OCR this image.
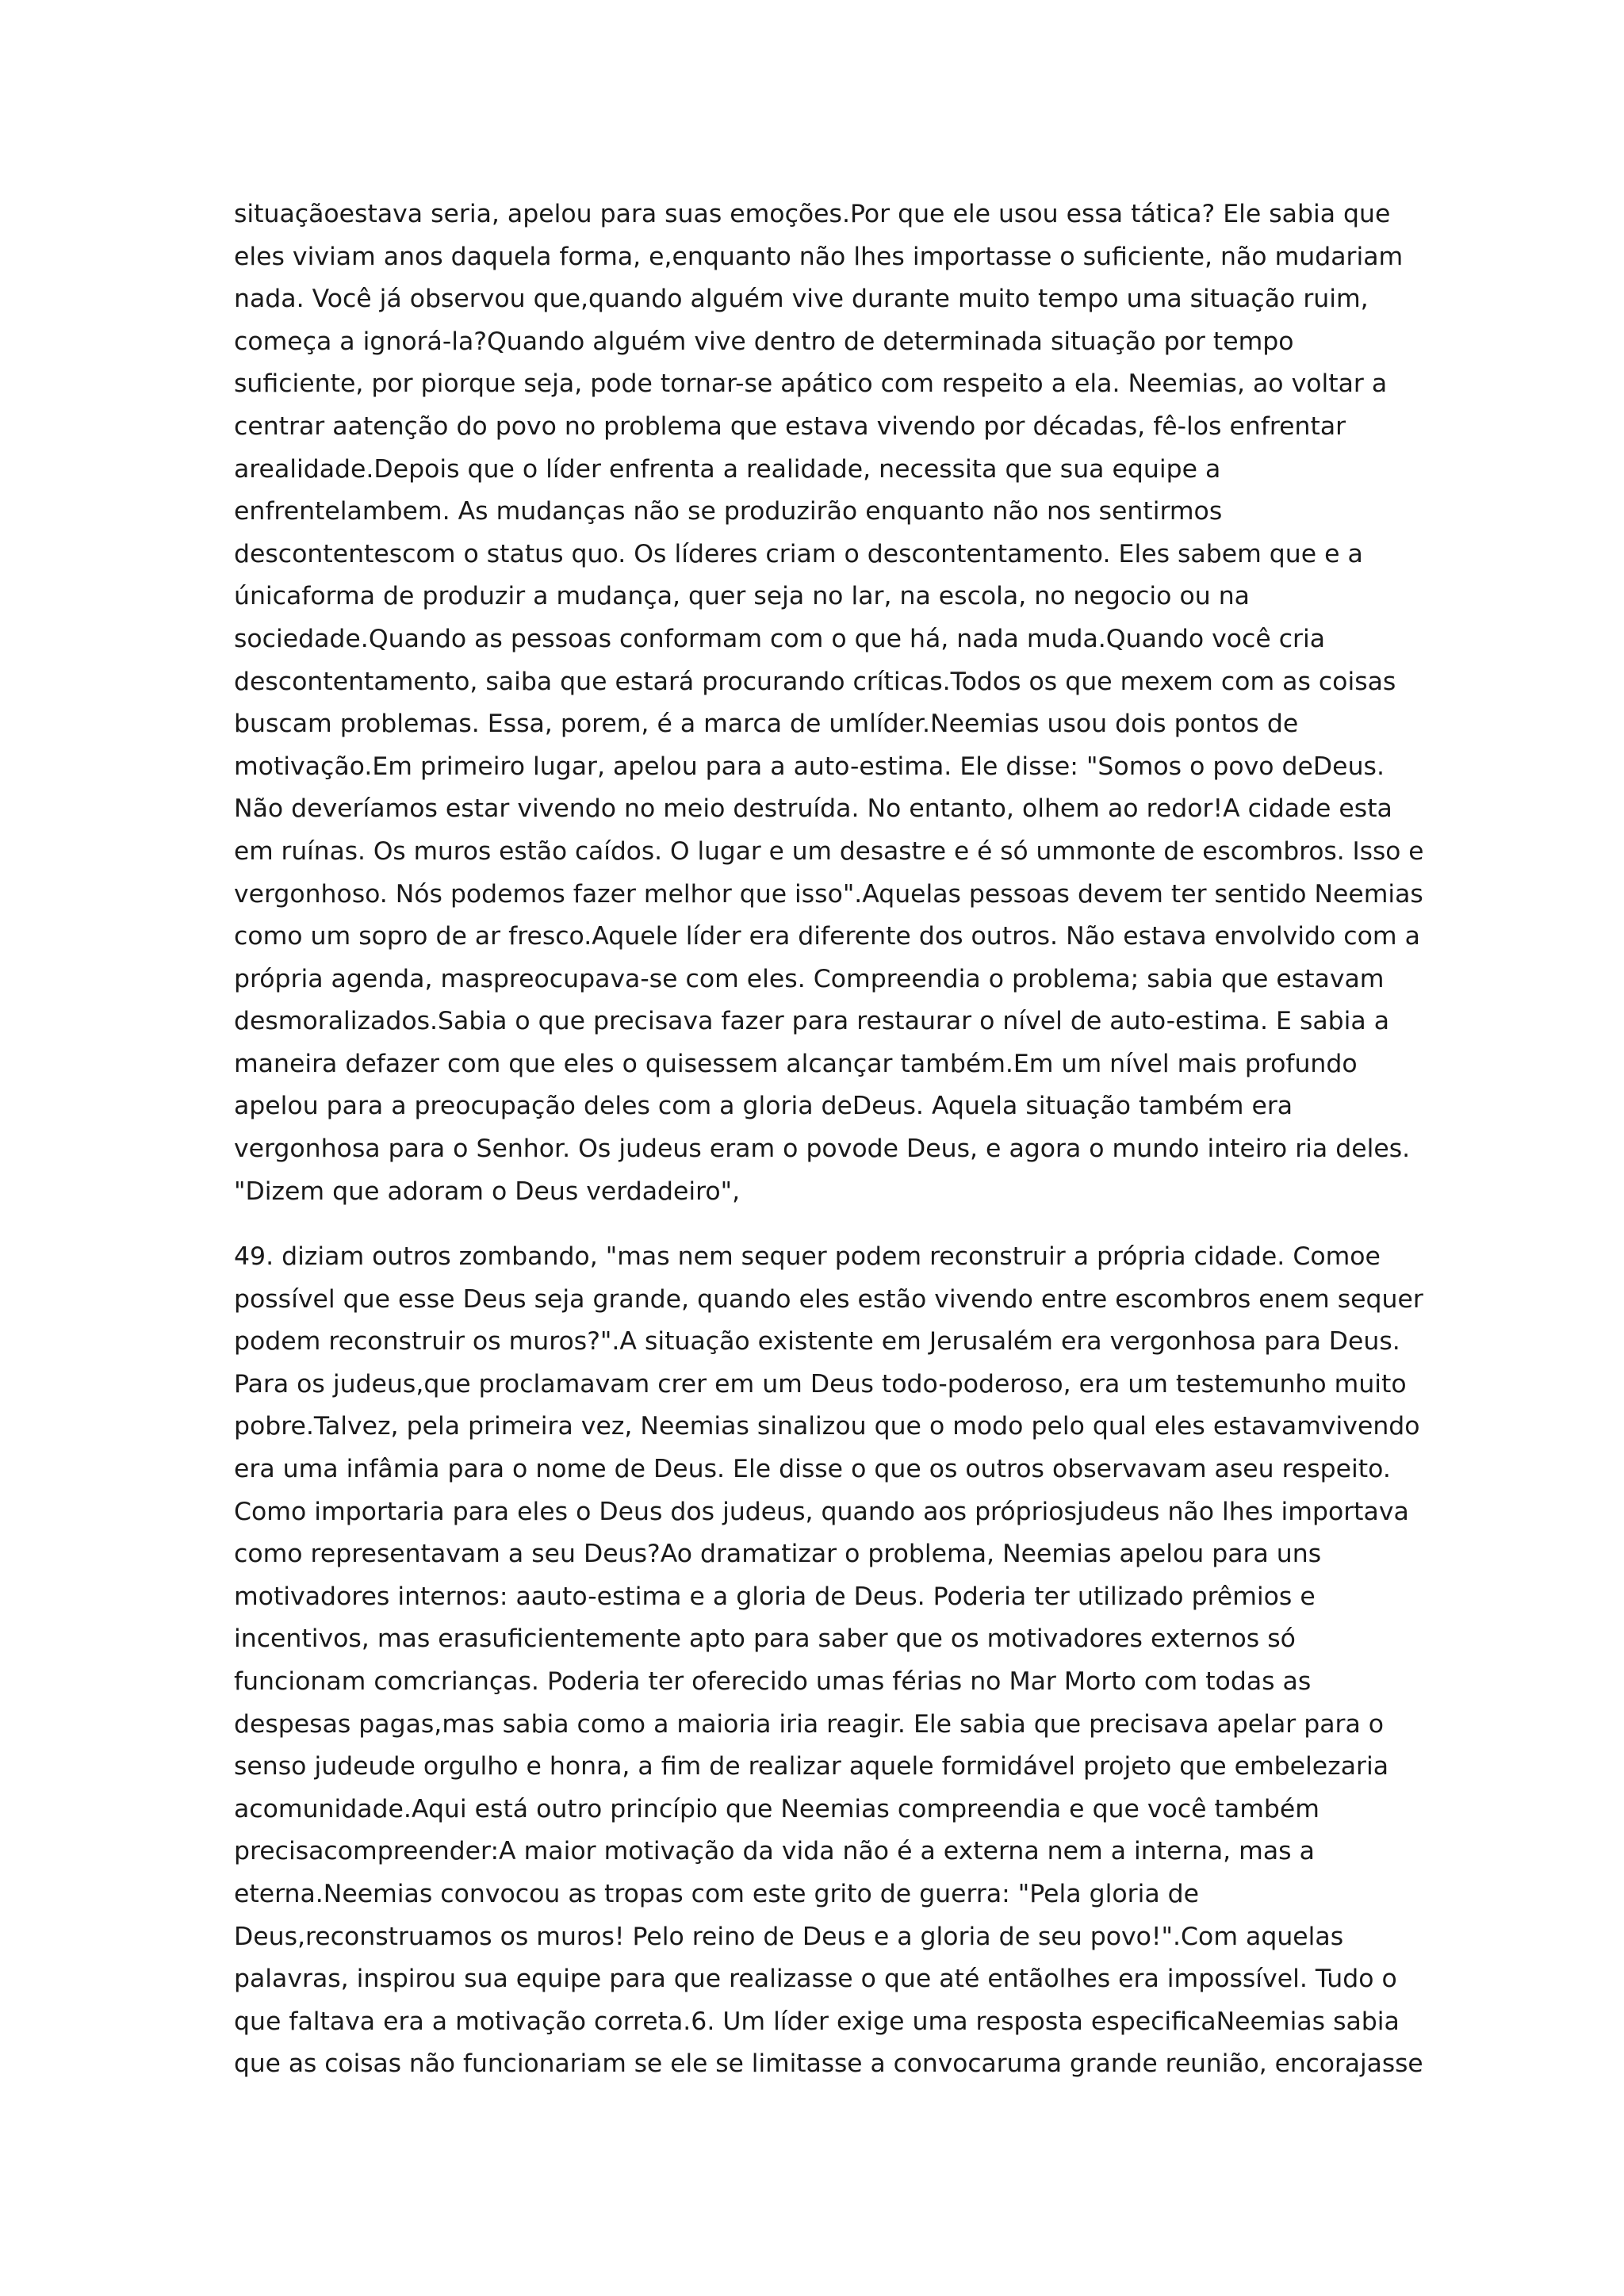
situaçãoestava seria, apelou para suas emoções.Por que ele usou essa tática? Ele sabia que
eles viviam anos daquela forma, e,enquanto não lhes importasse o suficiente, não mudariam
nada. Você já observou que,quando alguém vive durante muito tempo uma situação ruim,
começa a ignorá-la?Quando alguém vive dentro de determinada situação por tempo
suficiente, por piorque seja, pode tornar-se apático com respeito a ela. Neemias, ao voltar a
centrar aatenção do povo no problema que estava vivendo por décadas, fê-los enfrentar
arealidade.Depois que o líder enfrenta a realidade, necessita que sua equipe a
enfrentelambem. As mudanças não se produzirão enquanto não nos sentirmos
descontentescom o status quo. Os líderes criam o descontentamento. Eles sabem que e a
únicaforma de produzir a mudança, quer seja no lar, na escola, no negocio ou na
sociedade.Quando as pessoas conformam com o que há, nada muda.Quando você cria
descontentamento, saiba que estará procurando críticas.Todos os que mexem com as coisas
buscam problemas. Essa, porem, é a marca de umlíder.Neemias usou dois pontos de
motivação.Em primeiro lugar, apelou para a auto-estima. Ele disse: "Somos o povo deDeus.
Não deveríamos estar vivendo no meio destruída. No entanto, olhem ao redor!A cidade esta
em ruínas. Os muros estão caídos. O lugar e um desastre e é só ummonte de escombros. Isso e
vergonhoso. Nós podemos fazer melhor que isso".Aquelas pessoas devem ter sentido Neemias
como um sopro de ar fresco.Aquele líder era diferente dos outros. Não estava envolvido com a
própria agenda, maspreocupava-se com eles. Compreendia o problema; sabia que estavam
desmoralizados.Sabia o que precisava fazer para restaurar o nível de auto-estima. E sabia a
maneira defazer com que eles o quisessem alcançar também.Em um nível mais profundo
apelou para a preocupação deles com a gloria deDeus. Aquela situação também era
vergonhosa para o Senhor. Os judeus eram o povode Deus, e agora o mundo inteiro ria deles.
"Dizem que adoram o Deus verdadeiro",
49. diziam outros zombando, "mas nem sequer podem reconstruir a própria cidade. Comoe
possível que esse Deus seja grande, quando eles estão vivendo entre escombros enem sequer
podem reconstruir os muros?".A situação existente em Jerusalém era vergonhosa para Deus.
Para os judeus,que proclamavam crer em um Deus todo-poderoso, era um testemunho muito
pobre.Talvez, pela primeira vez, Neemias sinalizou que o modo pelo qual eles estavamvivendo
era uma infâmia para o nome de Deus. Ele disse o que os outros observavam aseu respeito.
Como importaria para eles o Deus dos judeus, quando aos própriosjudeus não lhes importava
como representavam a seu Deus?Ao dramatizar o problema, Neemias apelou para uns
motivadores internos: aauto-estima e a gloria de Deus. Poderia ter utilizado prêmios e
incentivos, mas erasuficientemente apto para saber que os motivadores externos só
funcionam comcrianças. Poderia ter oferecido umas férias no Mar Morto com todas as
despesas pagas,mas sabia como a maioria iria reagir. Ele sabia que precisava apelar para o
senso judeude orgulho e honra, a fim de realizar aquele formidável projeto que embelezaria
acomunidade.Aqui está outro princípio que Neemias compreendia e que você também
precisacompreender:A maior motivação da vida não é a externa nem a interna, mas a
eterna.Neemias convocou as tropas com este grito de guerra: "Pela gloria de
Deus,reconstruamos os muros! Pelo reino de Deus e a gloria de seu povo!".Com aquelas
palavras, inspirou sua equipe para que realizasse o que até entãolhes era impossível. Tudo o
que faltava era a motivação correta.6. Um líder exige uma resposta especificaNeemias sabia
que as coisas não funcionariam se ele se limitasse a convocaruma grande reunião, encorajasse
